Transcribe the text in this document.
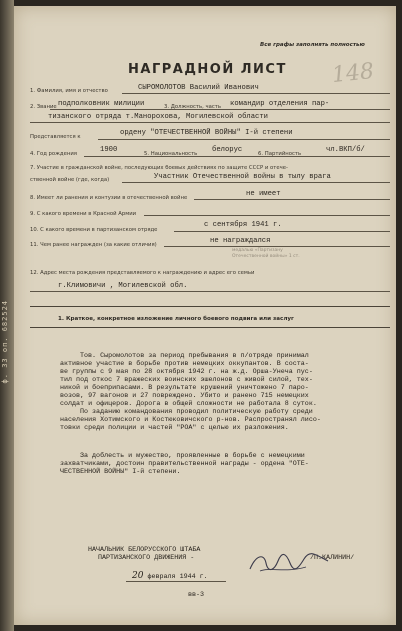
ф. 33 оп. 682524
Все графы заполнять полностью
НАГРАДНОЙ ЛИСТ 148
1. Фамилия, имя и отчество	СЫРОМОЛОТОВ Василий Иванович
2. Звание подполковник милиции	3. Должность, часть командир отделения пар-
тизанского отряда т.Манорохова, Могилевской области
Представляется к	ордену "ОТЕЧЕСТВЕННОЙ ВОЙНЫ" I-й степени
4. Год рождения	1900	5. Национальность белорус	6. Партийность	чл.ВКП/б/
7. Участие в гражданской войне, последующих боевых действиях по защите СССР и отече-
ственной войне (где, когда)	Участник Отечественной войны в тылу врага
8. Имеет ли ранения и контузии в отечественной войне	не имеет
9. С какого времени в Красной Армии
10. С какого времени в партизанском отряде
с сентября 1941 г.
11. Чем ранее награжден (за какие отличия)	не награждался
медалью «Партизану Отечественной войны» 1 ст.
12. Адрес места рождения представляемого к награждению и адрес его семьи
г.Климовичи , Могилевской обл.
1. Краткое, конкретное изложение личного боевого подвига или заслуг
Тов. Сыромолотов за период пребывания в п/отряде принимал
активное участие в борьбе против немецких оккупантов. В соста-
ве группы с 9 мая по 28 октября 1942 г. на ж.д. Орша-Унеча пус-
тил под откос 7 вражеских воинских эшелонов с живой силой, тех-
никой и боеприпасами. В результате крушений уничтожено 7 паро-
возов, 97 вагонов и 27 повреждено. Убито и ранено 715 немецких
солдат и офицеров. Дорога в общей сложности не работала 8 суток.
По заданию командования проводил политическую работу среди
населения Хотимского и Костюковичского р-нов. Распространял лисо-
товки среди полиции и частей "РОА" с целью их разложения.
За доблесть и мужество, проявленные в борьбе с немецкими
захватчиками, достоин правительственной награды - ордена "ОТЕ-
ЧЕСТВЕННОЙ ВОЙНЫ" I-й степени.
НАЧАЛЬНИК БЕЛОРУССКОГО ШТАБА
ПАРТИЗАНСКОГО ДВИЖЕНИЯ -	/П.КАЛИНИН/
20 февраля 1944 г.
вв-3
